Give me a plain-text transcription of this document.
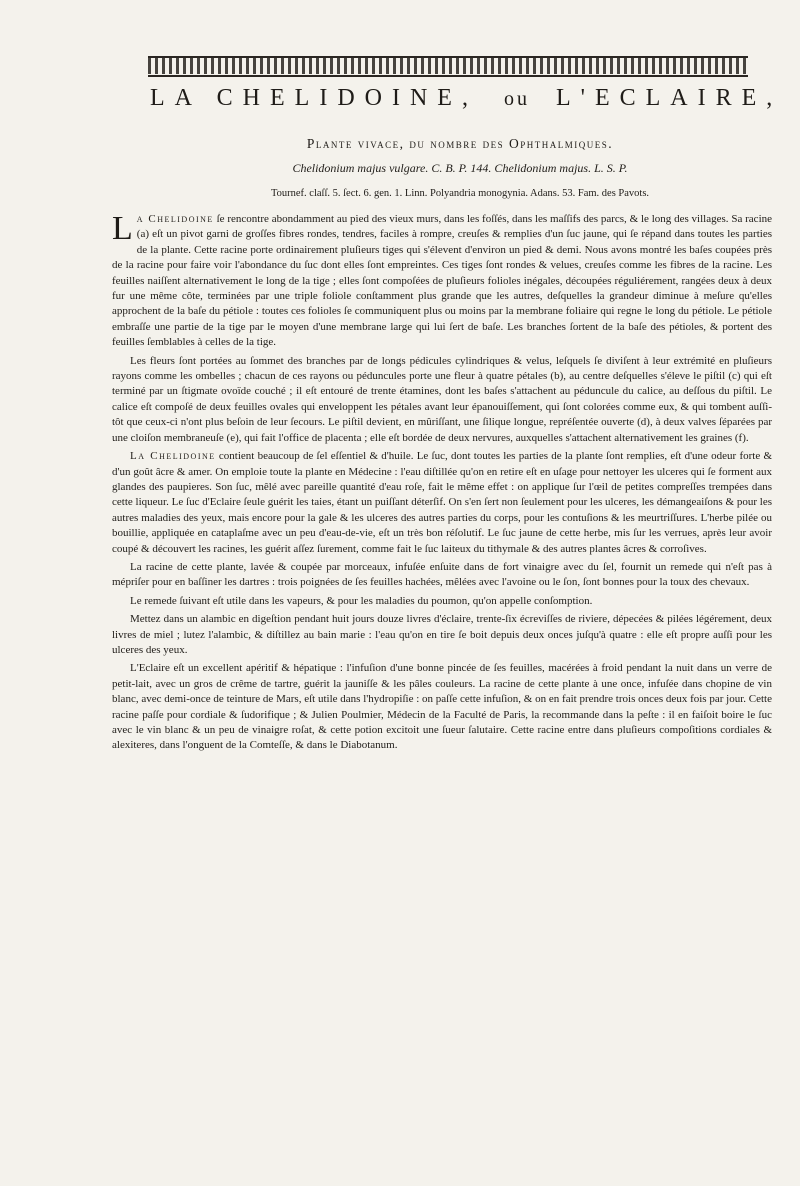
LA CHELIDOINE, ou L'ECLAIRE,
Plante vivace, du nombre des Ophthalmiques.
Chelidonium majus vulgare. C. B. P. 144. Chelidonium majus. L. S. P.
Tournef. claſſ. 5. ſect. 6. gen. 1. Linn. Polyandria monogynia. Adans. 53. Fam. des Pavots.

La Chelidoine ſe rencontre abondamment au pied des vieux murs, dans les foſſés, dans les maſſifs des parcs, & le long des villages. Sa racine (a) eſt un pivot garni de groſſes fibres rondes, tendres, faciles à rompre, creuſes & remplies d'un ſuc jaune, qui ſe répand dans toutes les parties de la plante. Cette racine porte ordinairement pluſieurs tiges qui s'élevent d'environ un pied & demi. Nous avons montré les baſes coupées près de la racine pour faire voir l'abondance du ſuc dont elles ſont empreintes. Ces tiges ſont rondes & velues, creuſes comme les fibres de la racine. Les feuilles naiſſent alternativement le long de la tige ; elles ſont compoſées de pluſieurs folioles inégales, découpées réguliérement, rangées deux à deux fur une même côte, terminées par une triple foliole conſtamment plus grande que les autres, deſquelles la grandeur diminue à meſure qu'elles approchent de la baſe du pétiole : toutes ces folioles ſe communiquent plus ou moins par la membrane foliaire qui regne le long du pétiole. Le pétiole embraſſe une partie de la tige par le moyen d'une membrane large qui lui ſert de baſe. Les branches ſortent de la baſe des pétioles, & portent des feuilles ſemblables à celles de la tige.

Les fleurs ſont portées au ſommet des branches par de longs pédicules cylindriques & velus, leſquels ſe diviſent à leur extrémité en pluſieurs rayons comme les ombelles ; chacun de ces rayons ou péduncules porte une fleur à quatre pétales (b), au centre deſquelles s'éleve le piſtil (c) qui eſt terminé par un ſtigmate ovoïde couché ; il eſt entouré de trente étamines, dont les baſes s'attachent au péduncule du calice, au deſſous du piſtil. Le calice eſt compoſé de deux feuilles ovales qui enveloppent les pétales avant leur épanouiſſement, qui ſont colorées comme eux, & qui tombent auſſi-tôt que ceux-ci n'ont plus beſoin de leur ſecours. Le piſtil devient, en mûriſſant, une ſilique longue, repréſentée ouverte (d), à deux valves ſéparées par une cloiſon membraneuſe (e), qui fait l'office de placenta ; elle eſt bordée de deux nervures, auxquelles s'attachent alternativement les graines (f).

La Chelidoine contient beaucoup de ſel eſſentiel & d'huile. Le ſuc, dont toutes les parties de la plante ſont remplies, eſt d'une odeur forte & d'un goût âcre & amer. On emploie toute la plante en Médecine : l'eau diſtillée qu'on en retire eſt en uſage pour nettoyer les ulceres qui ſe forment aux glandes des paupieres. Son ſuc, mêlé avec pareille quantité d'eau roſe, fait le même effet : on applique ſur l'œil de petites compreſſes trempées dans cette liqueur. Le ſuc d'Eclaire ſeule guérit les taies, étant un puiſſant déterſif. On s'en ſert non ſeulement pour les ulceres, les démangeaiſons & pour les autres maladies des yeux, mais encore pour la gale & les ulceres des autres parties du corps, pour les contuſions & les meurtriſſures. L'herbe pilée ou bouillie, appliquée en cataplaſme avec un peu d'eau-de-vie, eſt un très bon réſolutif. Le ſuc jaune de cette herbe, mis ſur les verrues, après leur avoir coupé & découvert les racines, les guérit aſſez ſurement, comme fait le ſuc laiteux du tithymale & des autres plantes âcres & corroſives.

La racine de cette plante, lavée & coupée par morceaux, infuſée enſuite dans de fort vinaigre avec du ſel, fournit un remede qui n'eſt pas à mépriſer pour en baſſiner les dartres : trois poignées de ſes feuilles hachées, mêlées avec l'avoine ou le ſon, ſont bonnes pour la toux des chevaux.

Le remede ſuivant eſt utile dans les vapeurs, & pour les maladies du poumon, qu'on appelle conſomption.

Mettez dans un alambic en digeſtion pendant huit jours douze livres d'éclaire, trente-ſix écreviſſes de riviere, dépecées & pilées légérement, deux livres de miel ; lutez l'alambic, & diſtillez au bain marie : l'eau qu'on en tire ſe boit depuis deux onces juſqu'à quatre : elle eſt propre auſſi pour les ulceres des yeux.

L'Eclaire eſt un excellent apéritif & hépatique : l'infuſion d'une bonne pincée de ſes feuilles, macérées à froid pendant la nuit dans un verre de petit-lait, avec un gros de crême de tartre, guérit la jauniſſe & les pâles couleurs. La racine de cette plante à une once, infuſée dans chopine de vin blanc, avec demi-once de teinture de Mars, eſt utile dans l'hydropiſie : on paſſe cette infuſion, & on en fait prendre trois onces deux fois par jour. Cette racine paſſe pour cordiale & ſudorifique ; & Julien Poulmier, Médecin de la Faculté de Paris, la recommande dans la peſte : il en faiſoit boire le ſuc avec le vin blanc & un peu de vinaigre roſat, & cette potion excitoit une ſueur ſalutaire. Cette racine entre dans pluſieurs compoſitions cordiales & alexiteres, dans l'onguent de la Comteſſe, & dans le Diabotanum.
